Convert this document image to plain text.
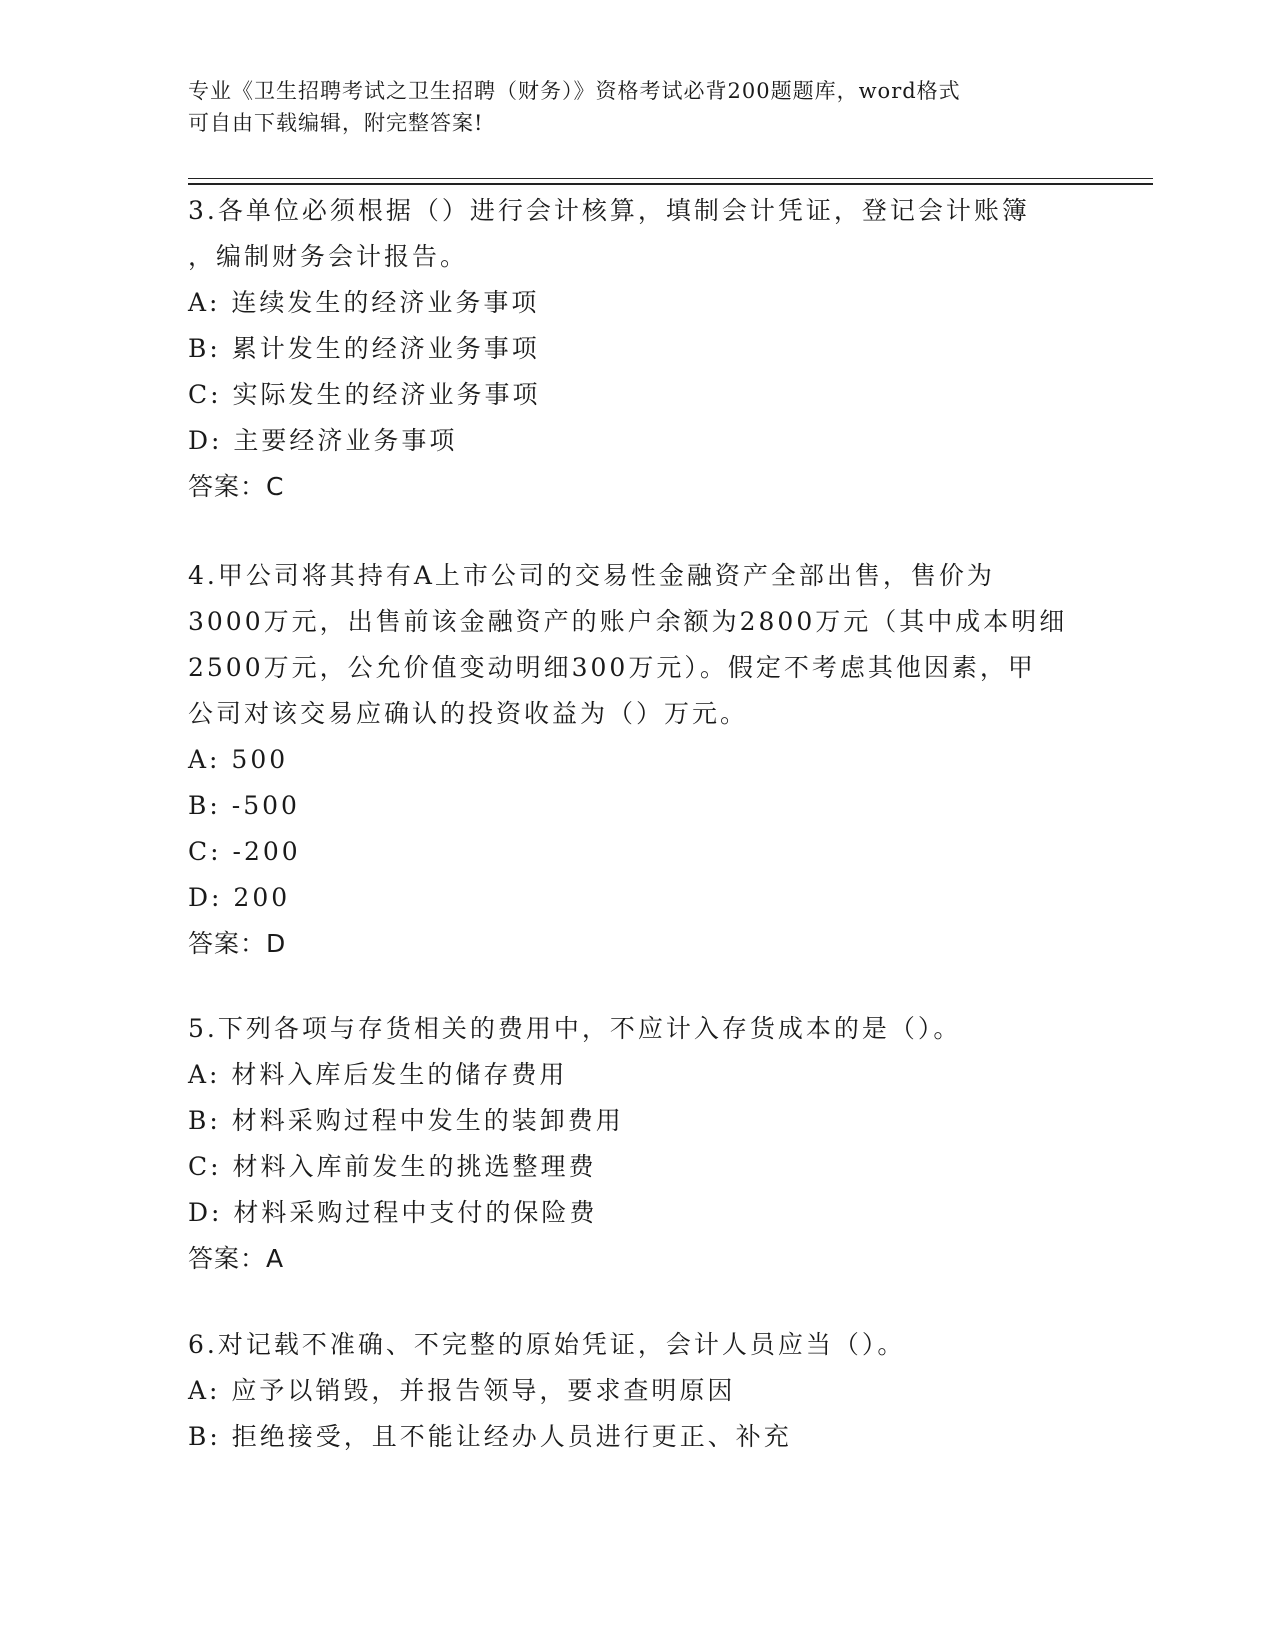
专业《卫生招聘考试之卫生招聘（财务）》资格考试必背200题题库，word格式
可自由下载编辑，附完整答案!
3.各单位必须根据（）进行会计核算，填制会计凭证，登记会计账簿
，编制财务会计报告。
A: 连续发生的经济业务事项
B: 累计发生的经济业务事项
C: 实际发生的经济业务事项
D: 主要经济业务事项
答案：C
4.甲公司将其持有A上市公司的交易性金融资产全部出售，售价为
3000万元，出售前该金融资产的账户余额为2800万元（其中成本明细
2500万元，公允价值变动明细300万元）。假定不考虑其他因素，甲
公司对该交易应确认的投资收益为（）万元。
A: 500
B: -500
C: -200
D: 200
答案：D
5.下列各项与存货相关的费用中，不应计入存货成本的是（）。
A: 材料入库后发生的储存费用
B: 材料采购过程中发生的装卸费用
C: 材料入库前发生的挑选整理费
D: 材料采购过程中支付的保险费
答案：A
6.对记载不准确、不完整的原始凭证，会计人员应当（）。
A: 应予以销毁，并报告领导，要求查明原因
B: 拒绝接受，且不能让经办人员进行更正、补充
